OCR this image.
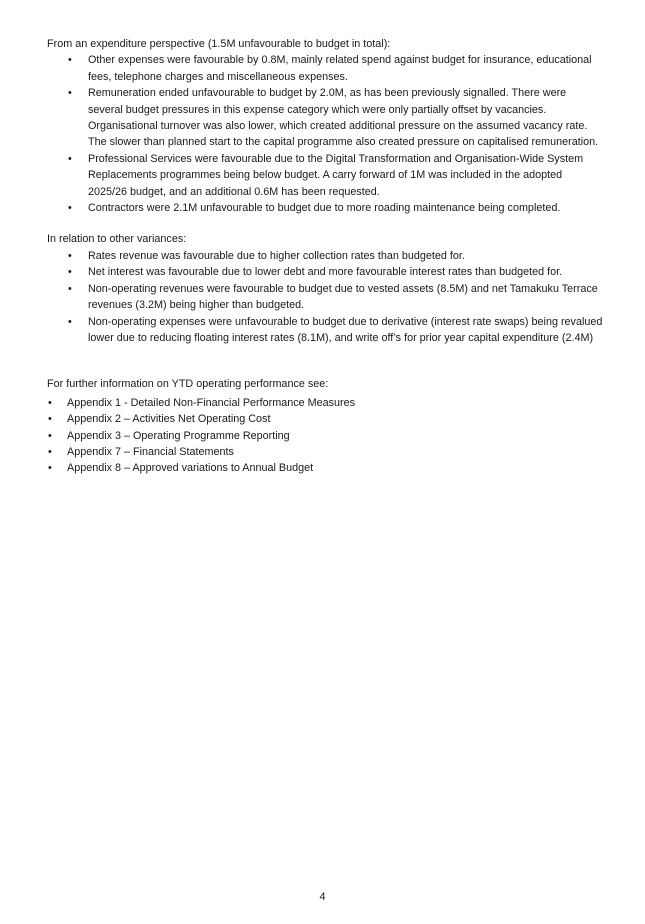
From an expenditure perspective (1.5M unfavourable to budget in total):

• Other expenses were favourable by 0.8M, mainly related spend against budget for insurance, educational fees, telephone charges and miscellaneous expenses.
• Remuneration ended unfavourable to budget by 2.0M, as has been previously signalled. There were several budget pressures in this expense category which were only partially offset by vacancies. Organisational turnover was also lower, which created additional pressure on the assumed vacancy rate. The slower than planned start to the capital programme also created pressure on capitalised remuneration.
• Professional Services were favourable due to the Digital Transformation and Organisation-Wide System Replacements programmes being below budget. A carry forward of 1M was included in the adopted 2025/26 budget, and an additional 0.6M has been requested.
• Contractors were 2.1M unfavourable to budget due to more roading maintenance being completed.

In relation to other variances:

• Rates revenue was favourable due to higher collection rates than budgeted for.
• Net interest was favourable due to lower debt and more favourable interest rates than budgeted for.
• Non-operating revenues were favourable to budget due to vested assets (8.5M) and net Tamakuku Terrace revenues (3.2M) being higher than budgeted.
• Non-operating expenses were unfavourable to budget due to derivative (interest rate swaps) being revalued lower due to reducing floating interest rates (8.1M), and write off’s for prior year capital expenditure (2.4M)

For further information on YTD operating performance see:

• Appendix 1 - Detailed Non-Financial Performance Measures
• Appendix 2 – Activities Net Operating Cost
• Appendix 3 – Operating Programme Reporting
• Appendix 7 – Financial Statements
• Appendix 8 – Approved variations to Annual Budget
4
